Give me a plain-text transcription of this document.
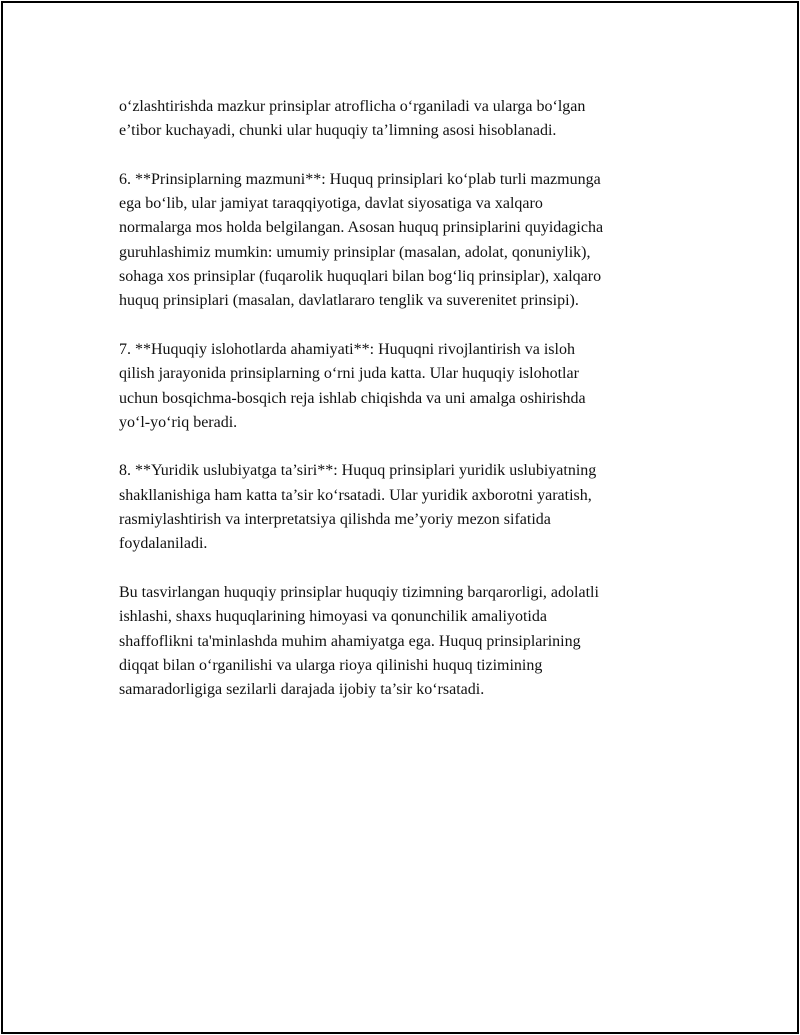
o‘zlashtirishda mazkur prinsiplar atroflicha o‘rganiladi va ularga bo‘lgan
e’tibor kuchayadi, chunki ular huquqiy ta’limning asosi hisoblanadi.

6. **Prinsiplarning mazmuni**: Huquq prinsiplari ko‘plab turli mazmunga
ega bo‘lib, ular jamiyat taraqqiyotiga, davlat siyosatiga va xalqaro
normalarga mos holda belgilangan. Asosan huquq prinsiplarini quyidagicha
guruhlashimiz mumkin: umumiy prinsiplar (masalan, adolat, qonuniylik),
sohaga xos prinsiplar (fuqarolik huquqlari bilan bog‘liq prinsiplar), xalqaro
huquq prinsiplari (masalan, davlatlararo tenglik va suverenitet prinsipi).

7. **Huquqiy islohotlarda ahamiyati**: Huquqni rivojlantirish va isloh
qilish jarayonida prinsiplarning o‘rni juda katta. Ular huquqiy islohotlar
uchun bosqichma-bosqich reja ishlab chiqishda va uni amalga oshirishda
yo‘l-yo‘riq beradi.

8. **Yuridik uslubiyatga ta’siri**: Huquq prinsiplari yuridik uslubiyatning
shakllanishiga ham katta ta’sir ko‘rsatadi. Ular yuridik axborotni yaratish,
rasmiylashtirish va interpretatsiya qilishda me’yoriy mezon sifatida
foydalaniladi.

Bu tasvirlangan huquqiy prinsiplar huquqiy tizimning barqarorligi, adolatli
ishlashi, shaxs huquqlarining himoyasi va qonunchilik amaliyotida
shaffoflikni ta'minlashda muhim ahamiyatga ega. Huquq prinsiplarining
diqqat bilan o‘rganilishi va ularga rioya qilinishi huquq tizimining
samaradorligiga sezilarli darajada ijobiy ta’sir ko‘rsatadi.
